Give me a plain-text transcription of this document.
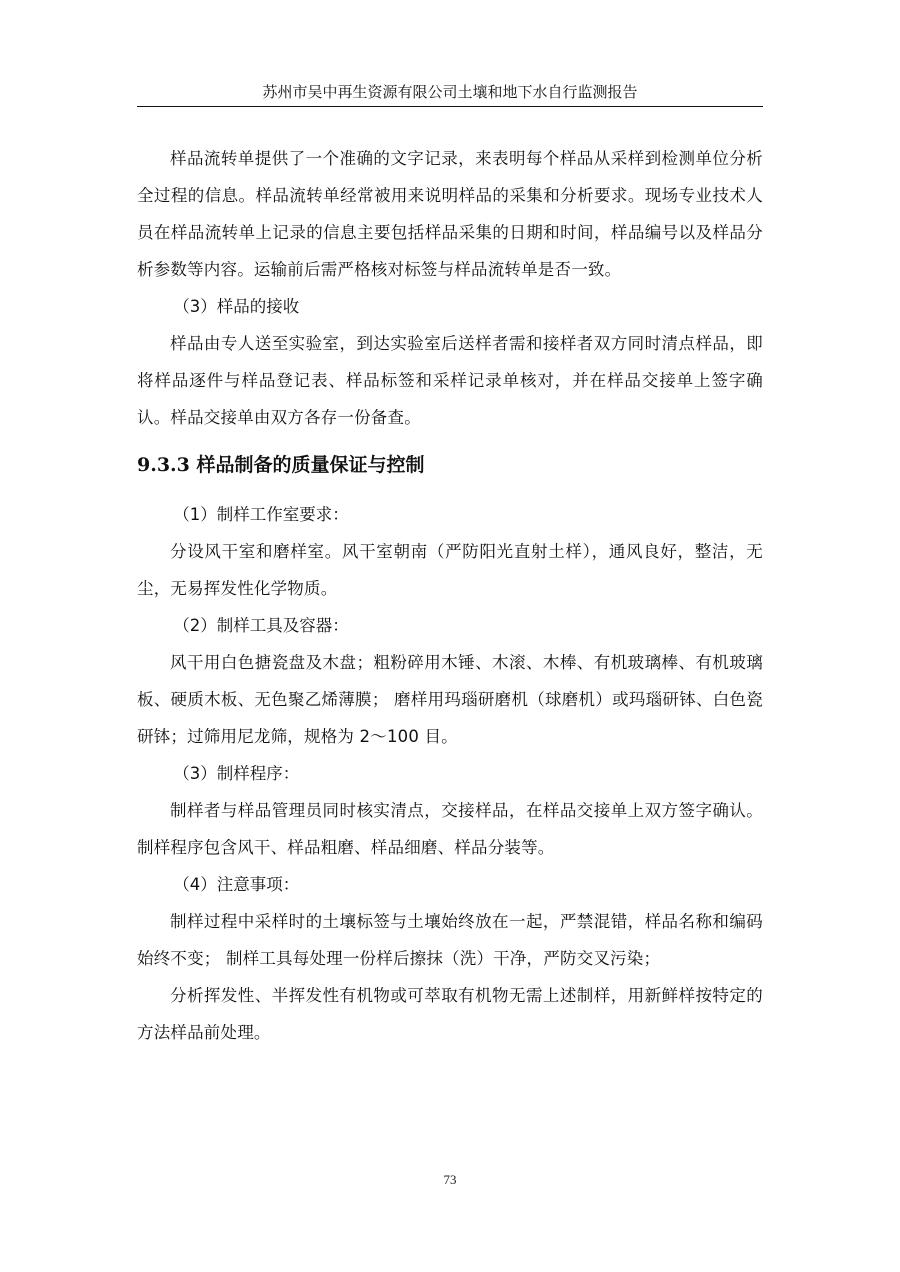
苏州市吴中再生资源有限公司土壤和地下水自行监测报告

样品流转单提供了一个准确的文字记录，来表明每个样品从采样到检测单位分析全过程的信息。样品流转单经常被用来说明样品的采集和分析要求。现场专业技术人员在样品流转单上记录的信息主要包括样品采集的日期和时间，样品编号以及样品分析参数等内容。运输前后需严格核对标签与样品流转单是否一致。

（3）样品的接收

样品由专人送至实验室，到达实验室后送样者需和接样者双方同时清点样品，即将样品逐件与样品登记表、样品标签和采样记录单核对，并在样品交接单上签字确认。样品交接单由双方各存一份备查。

9.3.3 样品制备的质量保证与控制

（1）制样工作室要求：

分设风干室和磨样室。风干室朝南（严防阳光直射土样），通风良好，整洁，无尘，无易挥发性化学物质。

（2）制样工具及容器：

风干用白色搪瓷盘及木盘；粗粉碎用木锤、木滚、木棒、有机玻璃棒、有机玻璃板、硬质木板、无色聚乙烯薄膜； 磨样用玛瑙研磨机（球磨机）或玛瑙研钵、白色瓷研钵；过筛用尼龙筛，规格为 2～100 目。

（3）制样程序：

制样者与样品管理员同时核实清点，交接样品，在样品交接单上双方签字确认。制样程序包含风干、样品粗磨、样品细磨、样品分装等。

（4）注意事项：

制样过程中采样时的土壤标签与土壤始终放在一起，严禁混错，样品名称和编码始终不变； 制样工具每处理一份样后擦抹（洗）干净，严防交叉污染；

分析挥发性、半挥发性有机物或可萃取有机物无需上述制样，用新鲜样按特定的方法样品前处理。

73
